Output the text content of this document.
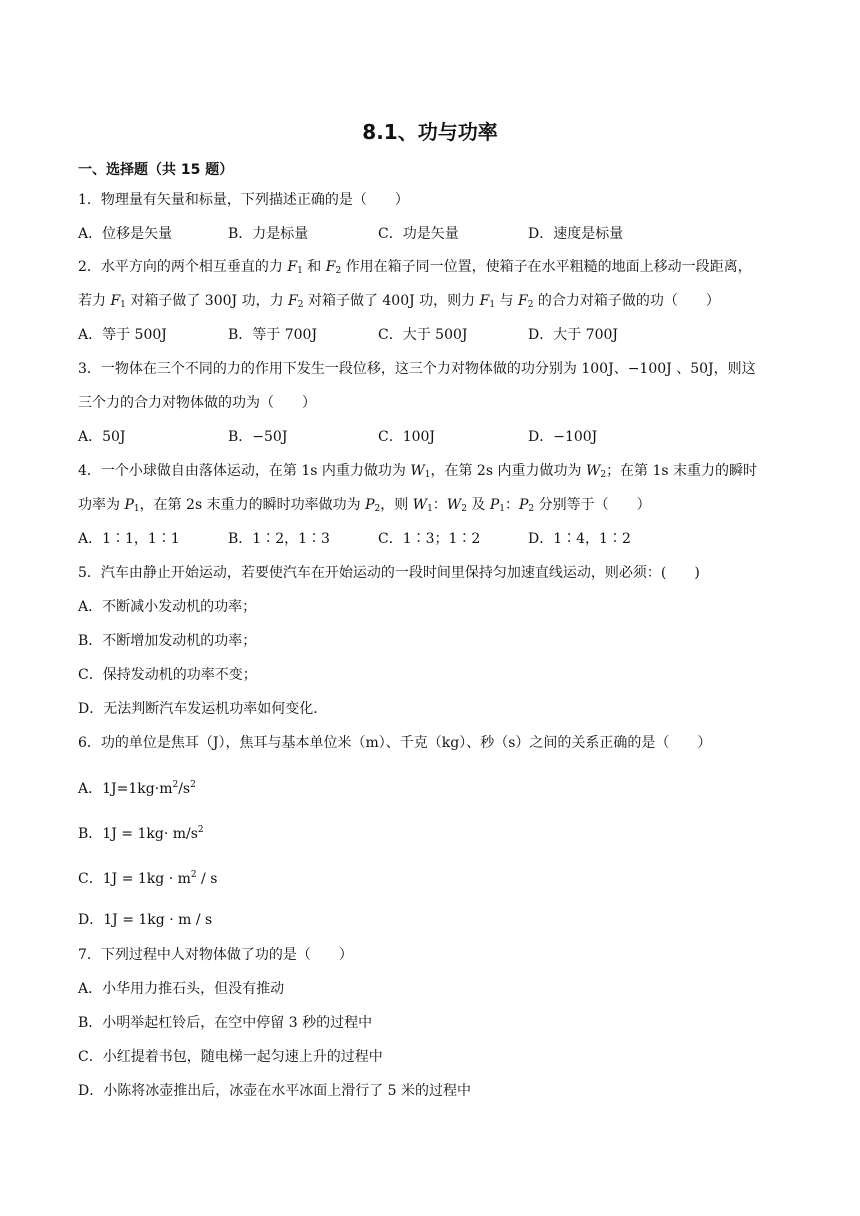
8.1、功与功率
一、选择题（共 15 题）
1．物理量有矢量和标量，下列描述正确的是（　　）
A．位移是矢量	B．力是标量	C．功是矢量	D．速度是标量
2．水平方向的两个相互垂直的力 $F_1$ 和 $F_2$ 作用在箱子同一位置，使箱子在水平粗糙的地面上移动一段距离，
若力 $F_1$ 对箱子做了 300J 功，力 $F_2$ 对箱子做了 400J 功，则力 $F_1$ 与 $F_2$ 的合力对箱子做的功（　　）
A．等于 500J	B．等于 700J	C．大于 500J	D．大于 700J
3．一物体在三个不同的力的作用下发生一段位移，这三个力对物体做的功分别为 100J、−100J 、50J，则这
三个力的合力对物体做的功为（　　）
A．50J	B．−50J	C．100J	D．−100J
4．一个小球做自由落体运动，在第 1s 内重力做功为 $W_1$，在第 2s 内重力做功为 $W_2$；在第 1s 末重力的瞬时
功率为 $P_1$，在第 2s 末重力的瞬时功率做功为 $P_2$，则 $W_1$：$W_2$ 及 $P_1$：$P_2$ 分别等于（　　）
A．1∶1，1∶1	B．1∶2，1∶3	C．1∶3；1∶2	D．1∶4，1∶2
5．汽车由静止开始运动，若要使汽车在开始运动的一段时间里保持匀加速直线运动，则必须：(　　)
A．不断减小发动机的功率；
B．不断增加发动机的功率；
C．保持发动机的功率不变；
D．无法判断汽车发运机功率如何变化．
6．功的单位是焦耳（J），焦耳与基本单位米（m）、千克（kg）、秒（s）之间的关系正确的是（　　）
A．$1J=1kg\cdot m^2/s^2$
B．$1J = 1kg\cdot m/s^2$
C．$1J = 1kg \cdot m^2 / s$
D．1J = 1kg · m / s
7．下列过程中人对物体做了功的是（　　）
A．小华用力推石头，但没有推动
B．小明举起杠铃后，在空中停留 3 秒的过程中
C．小红提着书包，随电梯一起匀速上升的过程中
D．小陈将冰壶推出后，冰壶在水平冰面上滑行了 5 米的过程中
